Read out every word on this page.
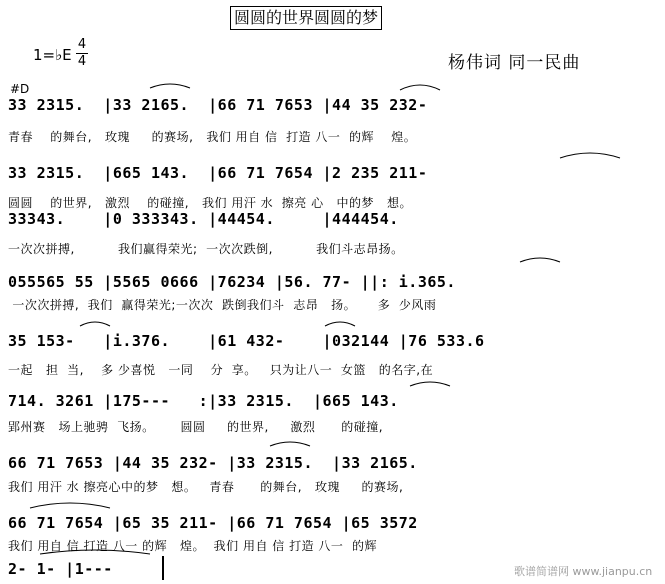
圆圆的世界圆圆的梦
1=♭E
4
4	杨伟词 同一民曲
#D
33 2315.  |33 2165.  |66 71 7653 |44 35 232-
青春    的舞台,   玫瑰     的赛场,   我们 用自 信  打造 八一  的辉    煌。
33 2315.  |665 143.  |66 71 7654 |2 235 211-
圆圆    的世界,   激烈    的碰撞,   我们 用汗 水  擦亮 心   中的梦   想。
33343.    |0 333343. |44454.     |444454.
一次次拼搏,          我们赢得荣光;  一次次跌倒,          我们斗志昂扬。
055565 55 |5565 0666 |76234 |56. 77- ||: i.365.
一次次拼搏,  我们  赢得荣光;一次次  跌倒我们斗  志昂   扬。     多  少风雨
35 153-   |i.376.    |61 432-    |032144 |76 533.6
一起   担  当,    多 少喜悦   一同    分  享。   只为让八一  女篮   的名字,在
714. 3261 |175---   :|33 2315.  |665 143.
郢州赛   场上驰骋  飞扬。      圆圆     的世界,     激烈      的碰撞,
66 71 7653 |44 35 232- |33 2315.  |33 2165.
我们 用汗 水 擦亮心中的梦   想。   青春      的舞台,   玫瑰     的赛场,
66 71 7654 |65 35 211- |66 71 7654 |65 3572
我们 用自 信 打造 八一 的辉   煌。  我们 用自 信 打造 八一  的辉
2- 1- |1---	歌谱简谱网 www.jianpu.cn
